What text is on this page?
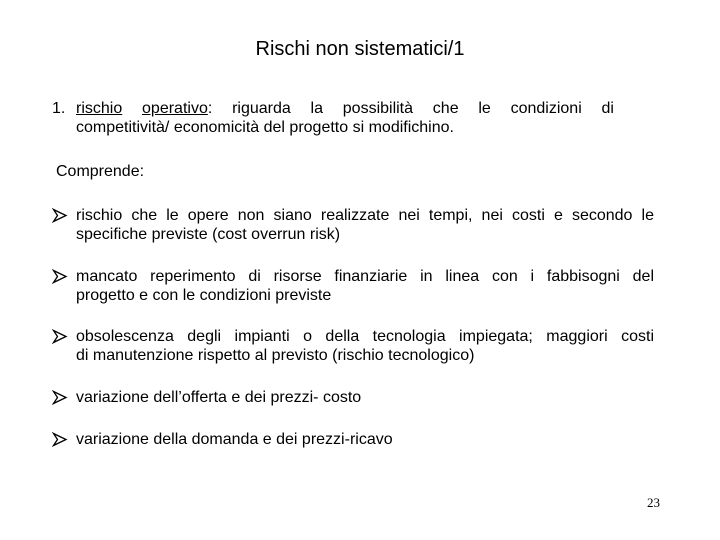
Rischi non sistematici/1
1. rischio operativo: riguarda la possibilità che le condizioni di
competitività/ economicità del progetto si modifichino.
Comprende:
rischio che le opere non siano realizzate nei tempi, nei costi e secondo le
specifiche previste (cost overrun risk)
mancato reperimento di risorse finanziarie in linea con i fabbisogni del
progetto e con le condizioni previste
obsolescenza degli impianti o della tecnologia impiegata; maggiori costi
di manutenzione rispetto al previsto (rischio tecnologico)
variazione dell’offerta e dei prezzi- costo
variazione della domanda e dei prezzi-ricavo
23
